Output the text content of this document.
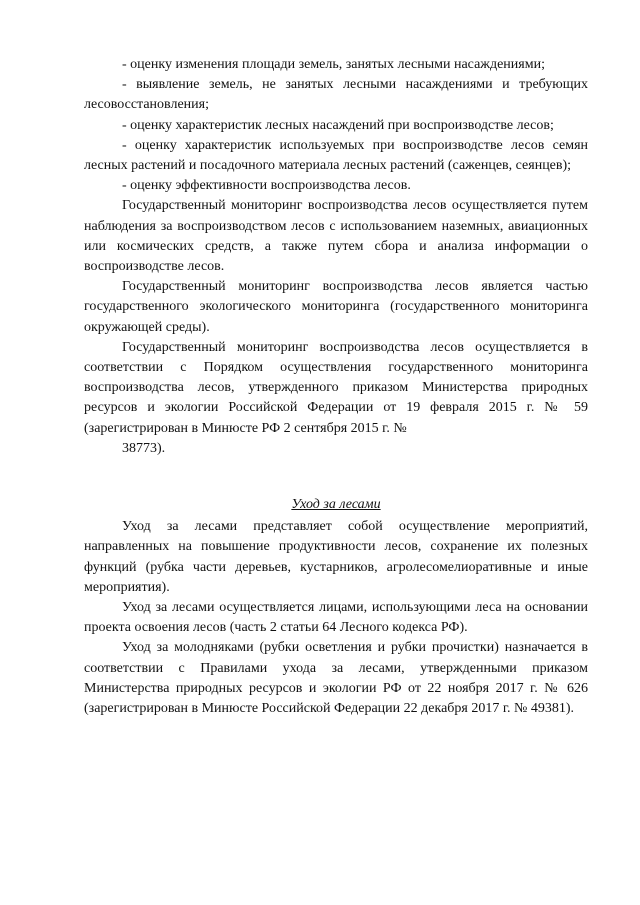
- оценку изменения площади земель, занятых лесными насаждениями;

- выявление земель, не занятых лесными насаждениями и требующих лесовосстановления;

- оценку характеристик лесных насаждений при воспроизводстве лесов;

- оценку характеристик используемых при воспроизводстве лесов семян лесных растений и посадочного материала лесных растений (саженцев, сеянцев);

- оценку эффективности воспроизводства лесов.

Государственный мониторинг воспроизводства лесов осуществляется путем наблюдения за воспроизводством лесов с использованием наземных, авиационных или космических средств, а также путем сбора и анализа информации о воспроизводстве лесов.

Государственный мониторинг воспроизводства лесов является частью государственного экологического мониторинга (государственного мониторинга окружающей среды).

Государственный мониторинг воспроизводства лесов осуществляется в соответствии с Порядком осуществления государственного мониторинга воспроизводства лесов, утвержденного приказом Министерства природных ресурсов и экологии Российской Федерации от 19 февраля 2015 г. № 59 (зарегистрирован в Минюсте РФ 2 сентября 2015 г. №

38773).

Уход за лесами

Уход за лесами представляет собой осуществление мероприятий, направленных на повышение продуктивности лесов, сохранение их полезных функций (рубка части деревьев, кустарников, агролесомелиоративные и иные мероприятия).

Уход за лесами осуществляется лицами, использующими леса на основании проекта освоения лесов (часть 2 статьи 64 Лесного кодекса РФ).

Уход за молодняками (рубки осветления и рубки прочистки) назначается в соответствии с Правилами ухода за лесами, утвержденными приказом Министерства природных ресурсов и экологии РФ от 22 ноября 2017 г. № 626 (зарегистрирован в Минюсте Российской Федерации 22 декабря 2017 г. № 49381).
